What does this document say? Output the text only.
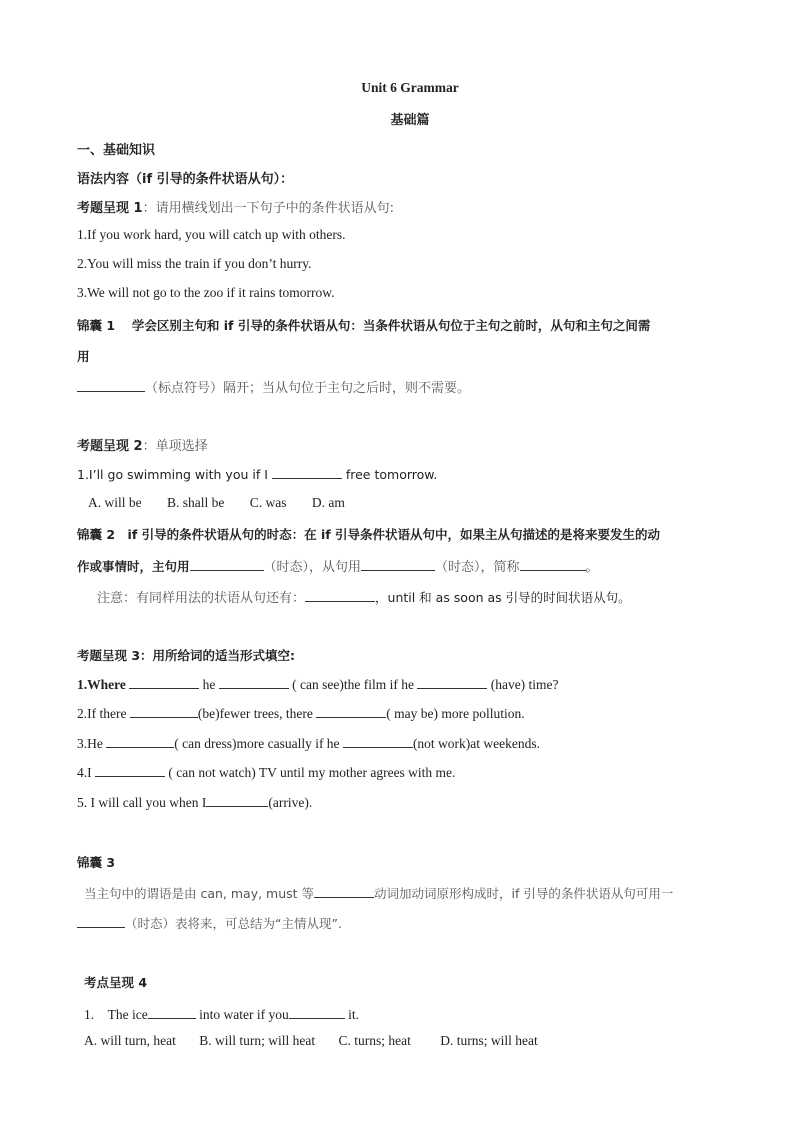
Unit 6 Grammar
基础篇
一、基础知识
语法内容（if 引导的条件状语从句）：
考题呈现 1：请用横线划出一下句子中的条件状语从句:
1.If you work hard, you will catch up with others.
2.You will miss the train if you don’t hurry.
3.We will not go to the zoo if it rains tomorrow.
锦囊 1　 学会区别主句和 if 引导的条件状语从句：当条件状语从句位于主句之前时，从句和主句之间需
用
（标点符号）隔开；当从句位于主句之后时，则不需要。
考题呈现 2：单项选择
1.I’ll go swimming with you if I	free tomorrow.
A. will be B. shall be C. was D. am
锦囊 2　if 引导的条件状语从句的时态：在 if 引导条件状语从句中，如果主从句描述的是将来要发生的动
作或事情时，主句用	（时态），从句用	（时态），简称	。
注意：有同样用法的状语从句还有：	，until 和 as soon as 引导的时间状语从句。
考题呈现 3：用所给词的适当形式填空:
1.Where	he	( can see)the film if he	(have) time?
2.If there	(be)fewer trees, there	( may be) more pollution.
3.He	( can dress)more casually if he	(not work)at weekends.
4.I	( can not watch) TV until my mother agrees with me.
5. I will call you when I	(arrive).
锦囊 3
当主句中的谓语是由 can, may, must 等	动词加动词原形构成时，if 引导的条件状语从句可用一
（时态）表将来，可总结为“主情从现”.
考点呈现 4
1.　The ice	into water if you	it.
A. will turn, heat B. will turn; will heat C. turns; heat D. turns; will heat
